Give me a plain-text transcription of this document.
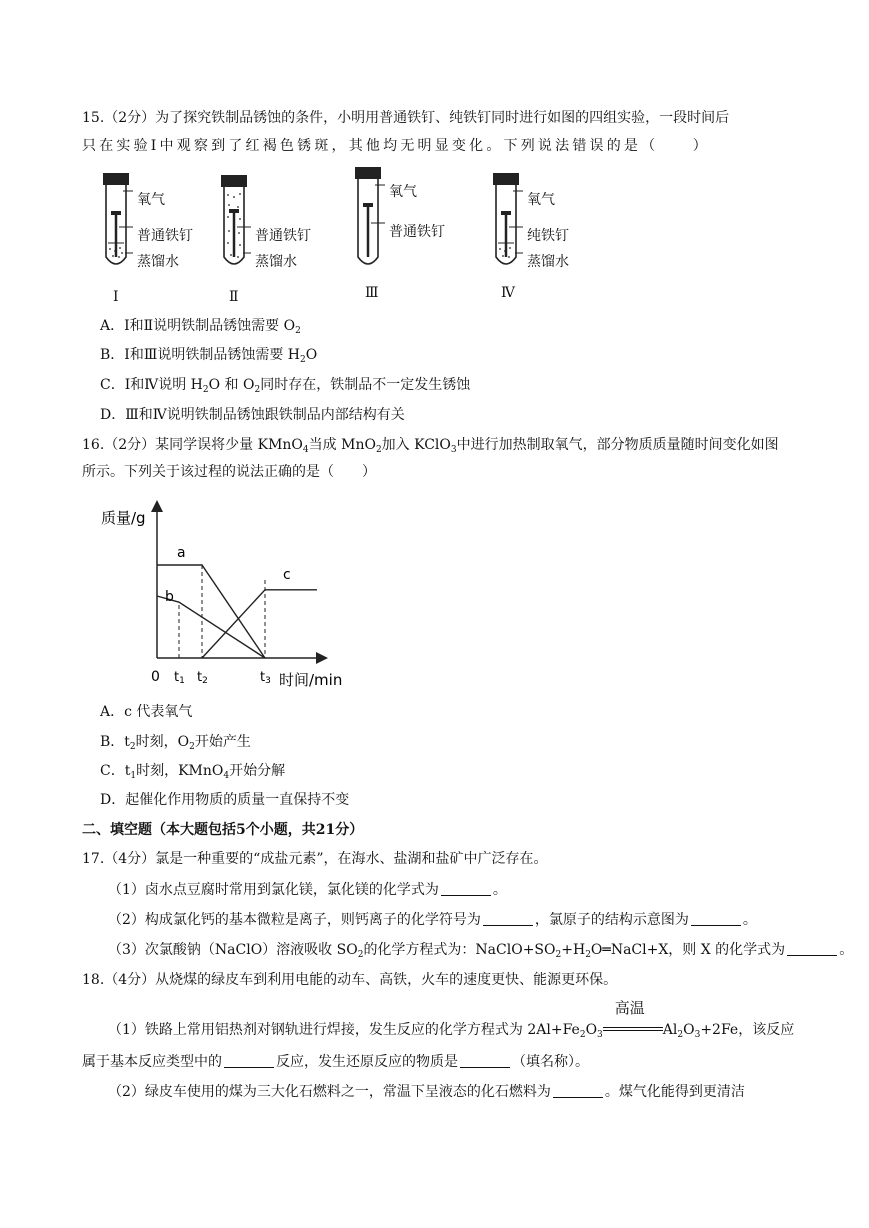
15.（2分）为了探究铁制品锈蚀的条件，小明用普通铁钉、纯铁钉同时进行如图的四组实验，一段时间后
只在实验Ⅰ中观察到了红褐色锈斑，其他均无明显变化。下列说法错误的是（　　）
氧气
普通铁钉
蒸馏水
普通铁钉
蒸馏水
氧气
普通铁钉
氧气
纯铁钉
蒸馏水
Ⅰ	Ⅱ	Ⅲ	Ⅳ
A．Ⅰ和Ⅱ说明铁制品锈蚀需要 $O_2$
B．Ⅰ和Ⅲ说明铁制品锈蚀需要 $H_2O$
C．Ⅰ和Ⅳ说明 $H_2O$ 和 $O_2$同时存在，铁制品不一定发生锈蚀
D．Ⅲ和Ⅳ说明铁制品锈蚀跟铁制品内部结构有关
16.（2分）某同学误将少量 KMnO$_4$当成 MnO$_2$加入 KClO$_3$中进行加热制取氧气，部分物质质量随时间变化如图
所示。下列关于该过程的说法正确的是（　　）
质量/g
时间/min
0 t1 t2	t3
a
b
c
A．c 代表氧气
B．$t_2$时刻，$O_2$开始产生
C．$t_1$时刻，KMnO$_4$开始分解
D．起催化作用物质的质量一直保持不变
二、填空题（本大题包括5个小题，共21分）
17.（4分）氯是一种重要的“成盐元素”，在海水、盐湖和盐矿中广泛存在。
（1）卤水点豆腐时常用到氯化镁，氯化镁的化学式为	。
（2）构成氯化钙的基本微粒是离子，则钙离子的化学符号为	，氯原子的结构示意图为	。
（3）次氯酸钠（NaClO）溶液吸收 $SO_2$的化学方程式为：$NaClO+SO_2+H_2O═NaCl+X$，则 X 的化学式为	。
18.（4分）从烧煤的绿皮车到利用电能的动车、高铁，火车的速度更快、能源更环保。
（1）铁路上常用铝热剂对钢轨进行焊接，发生反应的化学方程式为 $2Al+Fe_2O_3$
高温
$Al_2O_3+2Fe$，该反应
属于基本反应类型中的	反应，发生还原反应的物质是	（填名称）。
（2）绿皮车使用的煤为三大化石燃料之一，常温下呈液态的化石燃料为	。煤气化能得到更清洁
